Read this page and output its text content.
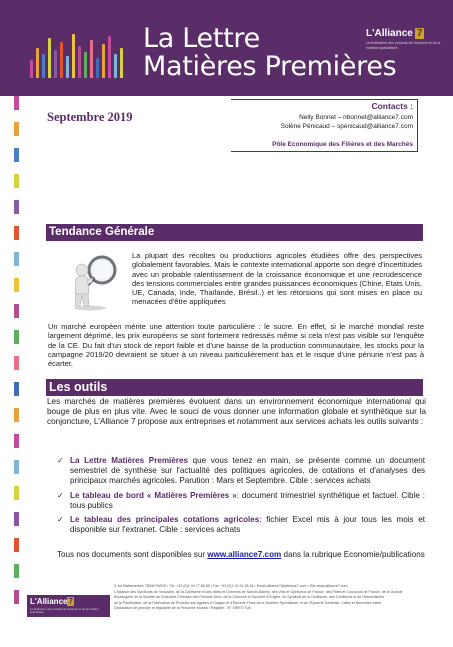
La Lettre
Matières Premières
L'Alliance 7
La fédération des produits de l'épicerie et de la nutrition spécialisée
Septembre 2019
Contacts :
Nelly Bonnet – nbonnet@alliance7.com
Solène Pénicaud – spenicaud@alliance7.com
Pôle Economique des Filières et des Marchés
Tendance Générale
La plupart des récoltes ou productions agricoles étudiées offre des perspectives globalement favorables. Mais le contexte international apporte son degré d'incertitudes avec un probable ralentissement de la croissance économique et une recrudescence des tensions commerciales entre grandes puissances économiques (Chine, Etats Unis, UE, Canada, Inde, Thaïlande, Brésil..) et les rétorsions qui sont mises en place ou menacées d'être appliquées
Un marché européen mérite une attention toute particulière : le sucre. En effet, si le marché mondial reste largement déprimé, les prix européens se sont fortement redressés même si cela n'est pas visible sur l'enquête de la CE. Du fait d'un stock de report faible et d'une baisse de la production communautaire, les stocks pour la campagne 2019/20 devraient se situer à un niveau particulièrement bas et le risque d'une pénurie n'est pas à écarter.
Les outils
Les marchés de matières premières évoluent dans un environnement économique international qui bouge de plus en plus vite. Avec le souci de vous donner une information globale et synthétique sur la conjoncture, L'Alliance 7 propose aux entreprises et notamment aux services achats les outils suivants :
✓ La Lettre Matières Premières que vous tenez en main, se présente comme un document semestriel de synthèse sur l'actualité des politiques agricoles, de cotations et d'analyses des principaux marchés agricoles. Parution : Mars et Septembre. Cible : services achats
✓ Le tableau de bord « Matières Premières »: document trimestriel synthétique et factuel. Cible : tous publics
✓ Le tableau des principales cotations agricoles: fichier Excel mis à jour tous les mois et disponible sur l'extranet. Cible : services achats
Tous nos documents sont disponibles sur www.alliance7.com dans la rubrique Economie/publications
L'Alliance7
La fédération des produits de l'épicerie et de la nutrition spécialisée
9, bd Malesherbes 75008 PARIS • Tél. +33 (0)1 44 77 85 85 • Fax +33 (0)1 42 61 95 34 • Email alliance7@alliance7.com • Site www.alliance7.com
L'Alliance des Syndicats de l'Industrie, de la Confiserie et des Miels et Gommes de Savoie-Bakery, des Vins et Spiritueux de France, des Pâtes et Couscous de France, de la Grande
Boulangerie de la Société de l'Industrie Céréales des Produits Secs, de la Chicorée et Sucrerie d'Origine, du Syndicat de la Confiserie, des Confitures et de l'Herboristerie
de la Panification, de la Fabrication de Produits des Agrafes à Grappe et d'Épicerie Fines de la Nutrition Spécialisée, et de l'Épicerie Générale, Cafés et Nouvelles Idées
Déclaration de principe et régularité de la Personne Morale / Registre - N° SIRET/TVA
